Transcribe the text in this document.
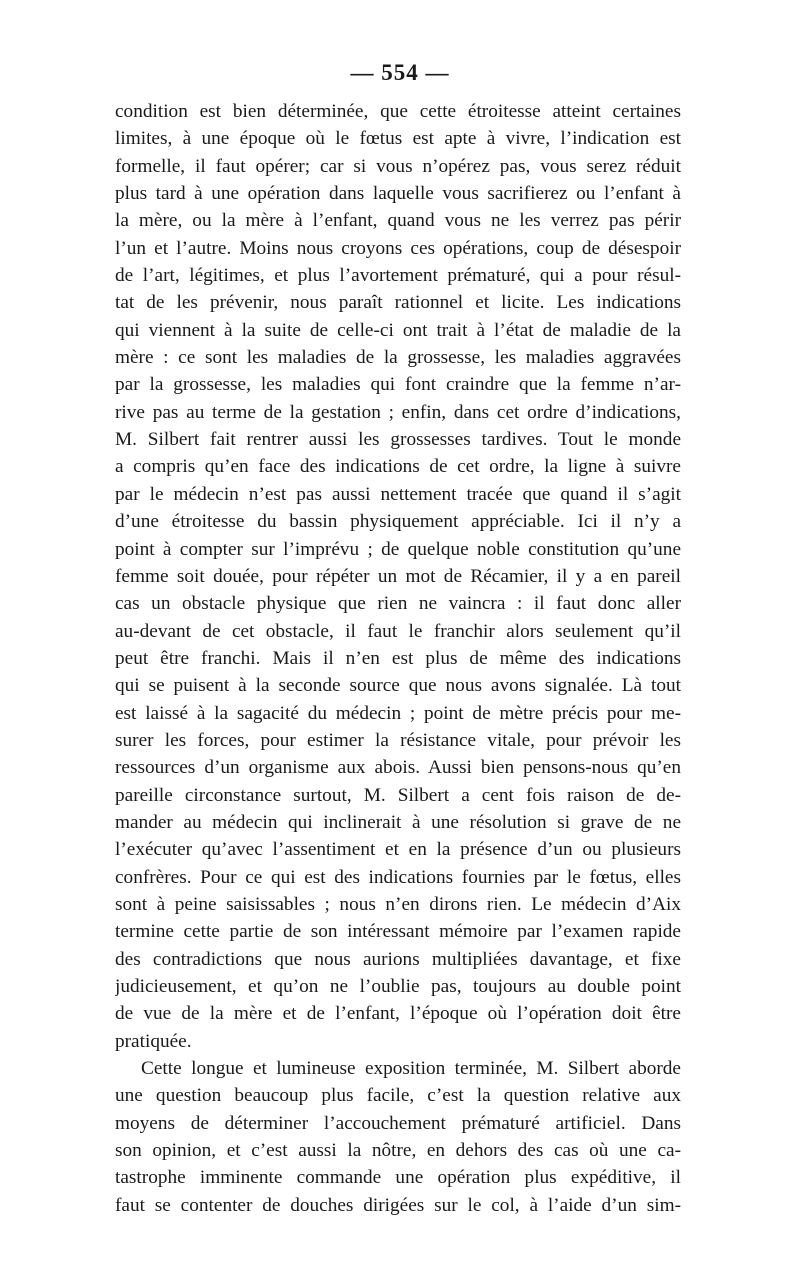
— 554 —
condition est bien déterminée, que cette étroitesse atteint certaines
limites, à une époque où le fœtus est apte à vivre, l’indication est
formelle, il faut opérer; car si vous n’opérez pas, vous serez réduit
plus tard à une opération dans laquelle vous sacrifierez ou l’enfant à
la mère, ou la mère à l’enfant, quand vous ne les verrez pas périr
l’un et l’autre. Moins nous croyons ces opérations, coup de désespoir
de l’art, légitimes, et plus l’avortement prématuré, qui a pour résul-
tat de les prévenir, nous paraît rationnel et licite. Les indications
qui viennent à la suite de celle-ci ont trait à l’état de maladie de la
mère : ce sont les maladies de la grossesse, les maladies aggravées
par la grossesse, les maladies qui font craindre que la femme n’ar-
rive pas au terme de la gestation ; enfin, dans cet ordre d’indications,
M. Silbert fait rentrer aussi les grossesses tardives. Tout le monde
a compris qu’en face des indications de cet ordre, la ligne à suivre
par le médecin n’est pas aussi nettement tracée que quand il s’agit
d’une étroitesse du bassin physiquement appréciable. Ici il n’y a
point à compter sur l’imprévu ; de quelque noble constitution qu’une
femme soit douée, pour répéter un mot de Récamier, il y a en pareil
cas un obstacle physique que rien ne vaincra : il faut donc aller
au-devant de cet obstacle, il faut le franchir alors seulement qu’il
peut être franchi. Mais il n’en est plus de même des indications
qui se puisent à la seconde source que nous avons signalée. Là tout
est laissé à la sagacité du médecin ; point de mètre précis pour me-
surer les forces, pour estimer la résistance vitale, pour prévoir les
ressources d’un organisme aux abois. Aussi bien pensons-nous qu’en
pareille circonstance surtout, M. Silbert a cent fois raison de de-
mander au médecin qui inclinerait à une résolution si grave de ne
l’exécuter qu’avec l’assentiment et en la présence d’un ou plusieurs
confrères. Pour ce qui est des indications fournies par le fœtus, elles
sont à peine saisissables ; nous n’en dirons rien. Le médecin d’Aix
termine cette partie de son intéressant mémoire par l’examen rapide
des contradictions que nous aurions multipliées davantage, et fixe
judicieusement, et qu’on ne l’oublie pas, toujours au double point
de vue de la mère et de l’enfant, l’époque où l’opération doit être
pratiquée.
Cette longue et lumineuse exposition terminée, M. Silbert aborde
une question beaucoup plus facile, c’est la question relative aux
moyens de déterminer l’accouchement prématuré artificiel. Dans
son opinion, et c’est aussi la nôtre, en dehors des cas où une ca-
tastrophe imminente commande une opération plus expéditive, il
faut se contenter de douches dirigées sur le col, à l’aide d’un sim-
